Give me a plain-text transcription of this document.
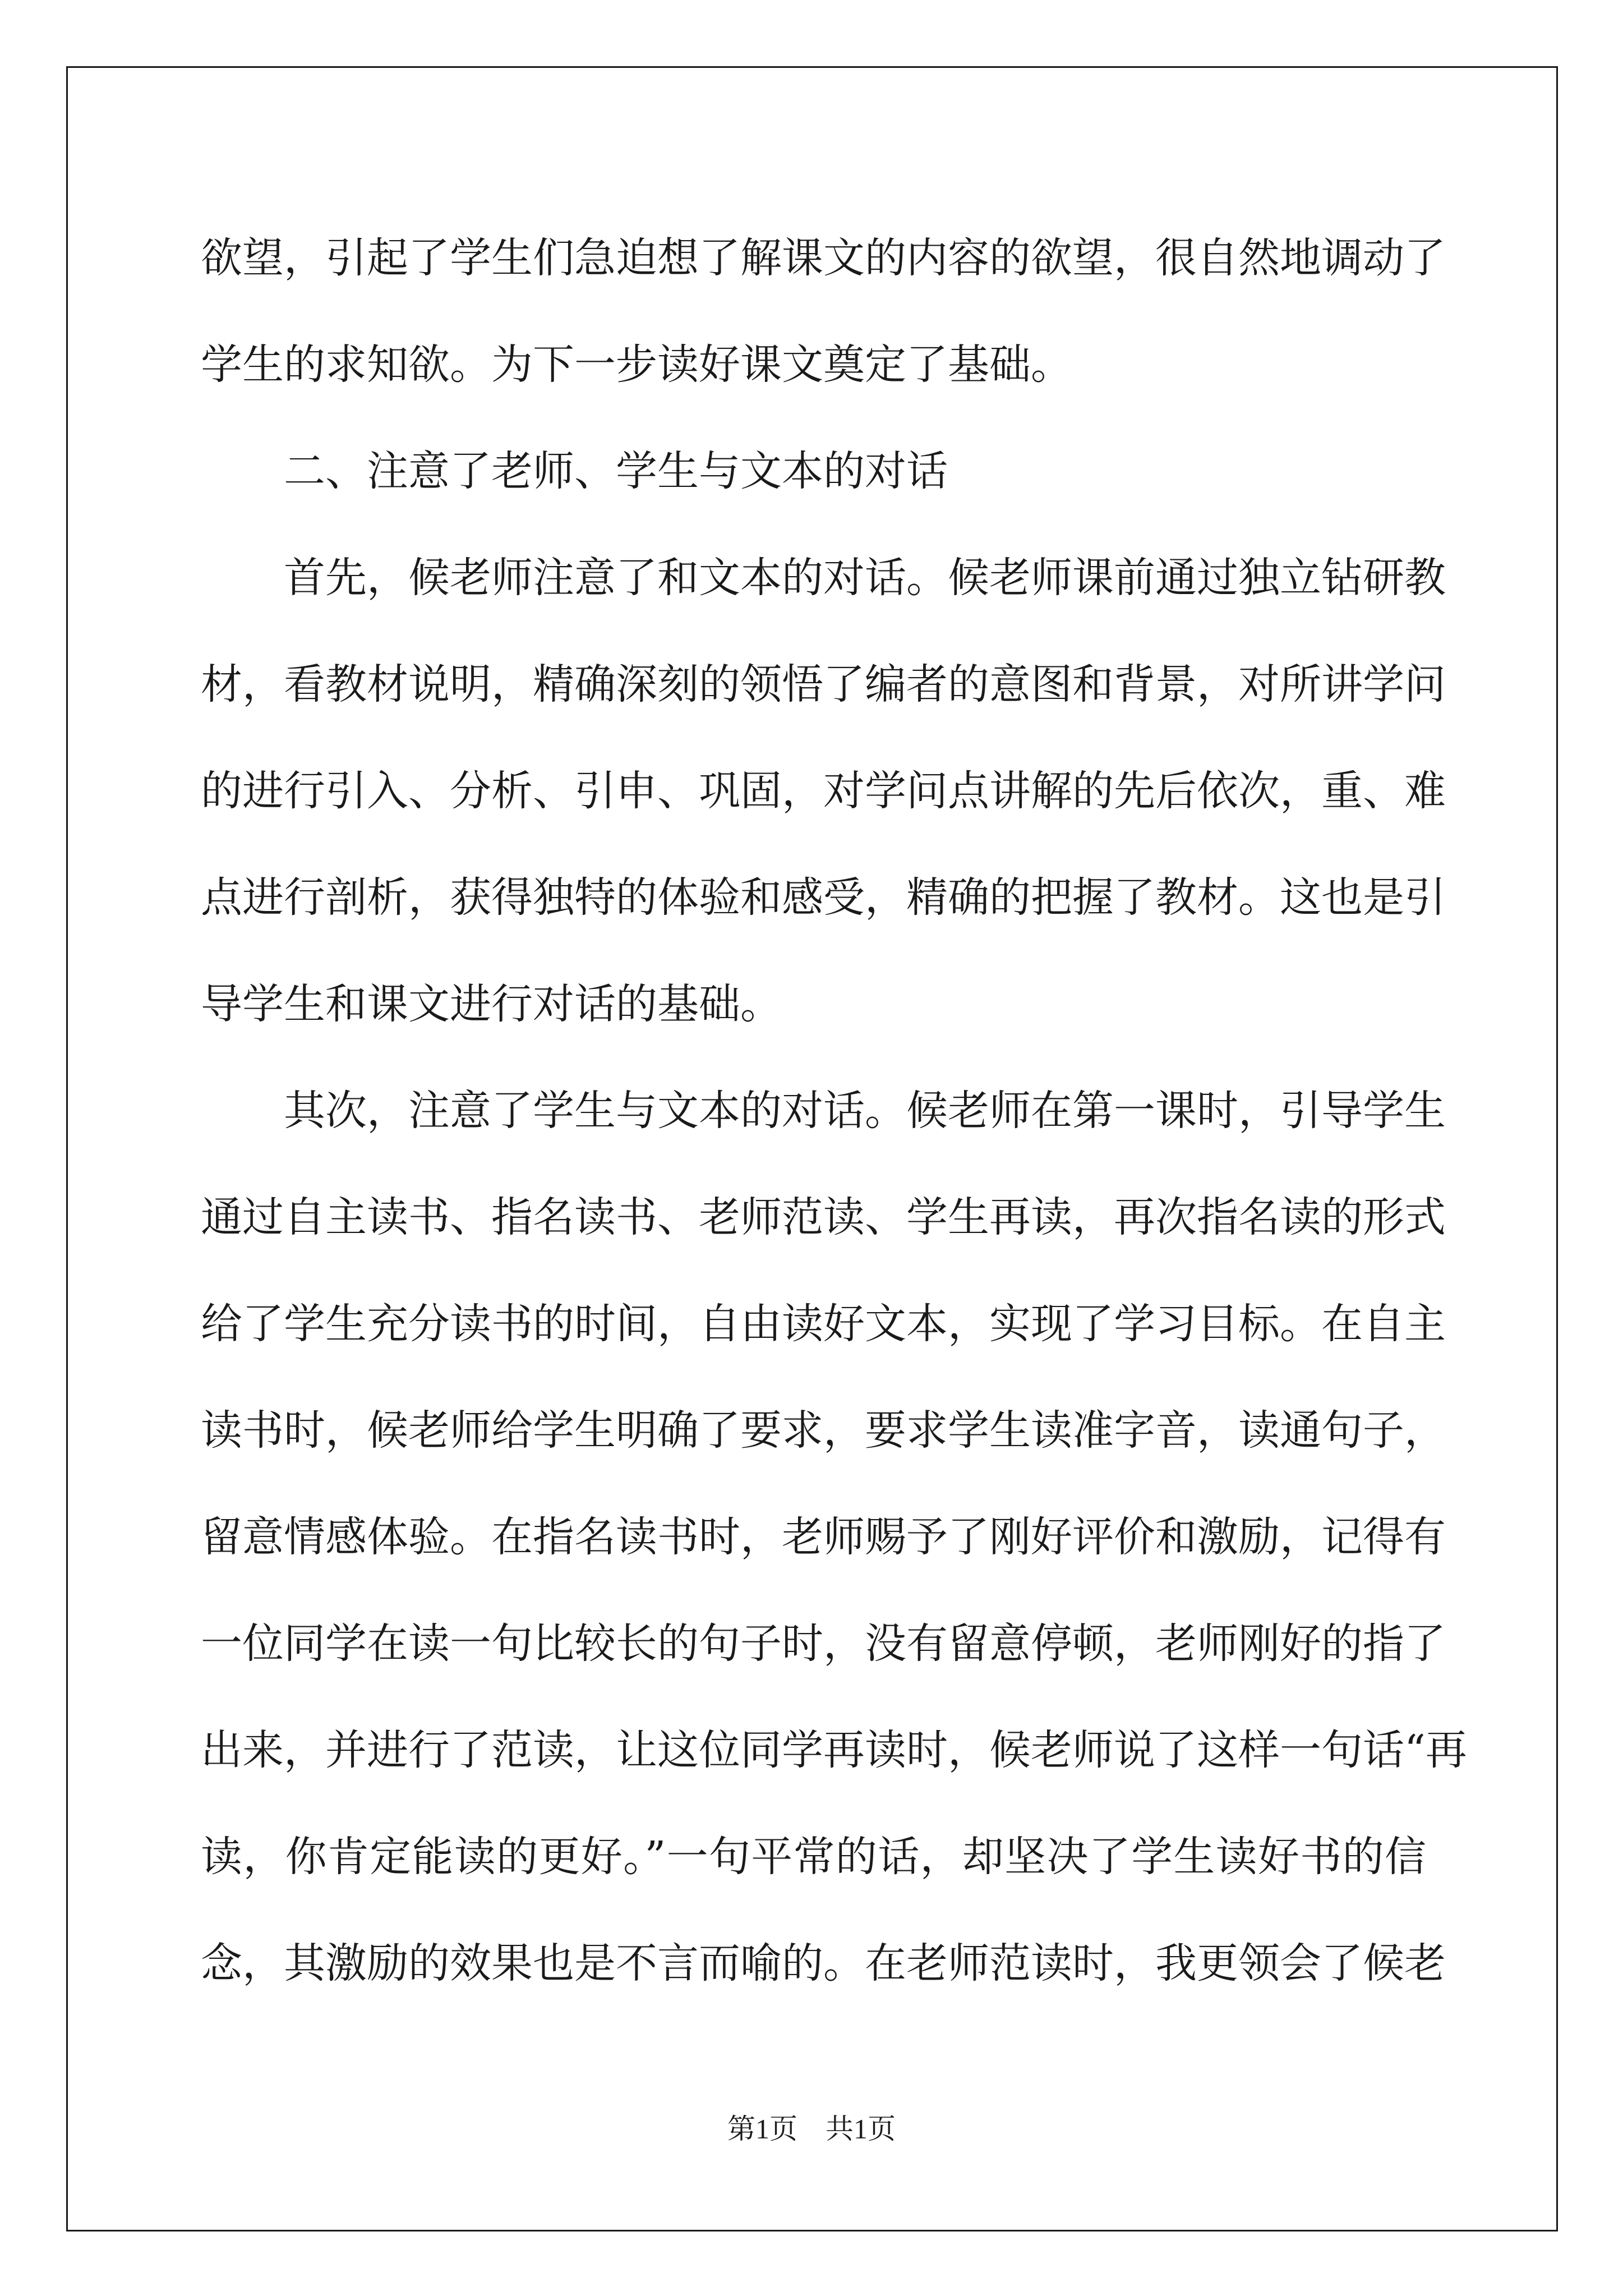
欲望，引起了学生们急迫想了解课文的内容的欲望，很自然地调动了
学生的求知欲。为下一步读好课文奠定了基础。
二、注意了老师、学生与文本的对话
首先，候老师注意了和文本的对话。候老师课前通过独立钻研教
材，看教材说明，精确深刻的领悟了编者的意图和背景，对所讲学问
的进行引入、分析、引申、巩固，对学问点讲解的先后依次，重、难
点进行剖析，获得独特的体验和感受，精确的把握了教材。这也是引
导学生和课文进行对话的基础。
其次，注意了学生与文本的对话。候老师在第一课时，引导学生
通过自主读书、指名读书、老师范读、学生再读，再次指名读的形式
给了学生充分读书的时间，自由读好文本，实现了学习目标。在自主
读书时，候老师给学生明确了要求，要求学生读准字音，读通句子，
留意情感体验。在指名读书时，老师赐予了刚好评价和激励，记得有
一位同学在读一句比较长的句子时，没有留意停顿，老师刚好的指了
出来，并进行了范读，让这位同学再读时，候老师说了这样一句话“再
读，你肯定能读的更好。”一句平常的话，却坚决了学生读好书的信
念，其激励的效果也是不言而喻的。在老师范读时，我更领会了候老
第1页 共1页
